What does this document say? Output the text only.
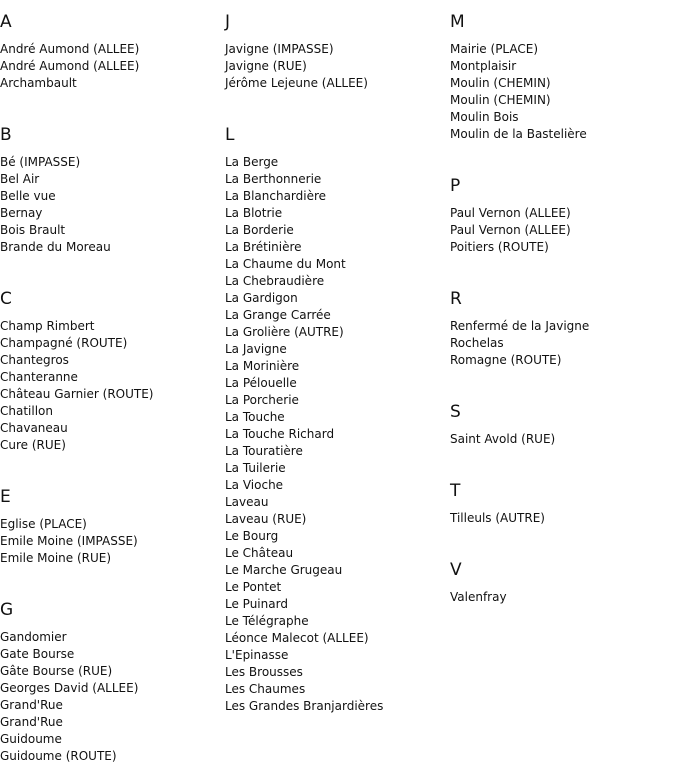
A
André Aumond (ALLEE)
André Aumond (ALLEE)
Archambault
B
Bé (IMPASSE)
Bel Air
Belle vue
Bernay
Bois Brault
Brande du Moreau
C
Champ Rimbert
Champagné (ROUTE)
Chantegros
Chanteranne
Château Garnier (ROUTE)
Chatillon
Chavaneau
Cure (RUE)
E
Eglise (PLACE)
Emile Moine (IMPASSE)
Emile Moine (RUE)
G
Gandomier
Gate Bourse
Gâte Bourse (RUE)
Georges David (ALLEE)
Grand'Rue
Grand'Rue
Guidoume
Guidoume (ROUTE)
J
Javigne (IMPASSE)
Javigne (RUE)
Jérôme Lejeune (ALLEE)
L
La Berge
La Berthonnerie
La Blanchardière
La Blotrie
La Borderie
La Brétinière
La Chaume du Mont
La Chebraudière
La Gardigon
La Grange Carrée
La Grolière (AUTRE)
La Javigne
La Morinière
La Pélouelle
La Porcherie
La Touche
La Touche Richard
La Touratière
La Tuilerie
La Vioche
Laveau
Laveau (RUE)
Le Bourg
Le Château
Le Marche Grugeau
Le Pontet
Le Puinard
Le Télégraphe
Léonce Malecot (ALLEE)
L'Epinasse
Les Brousses
Les Chaumes
Les Grandes Branjardières
M
Mairie (PLACE)
Montplaisir
Moulin (CHEMIN)
Moulin (CHEMIN)
Moulin Bois
Moulin de la Bastelière
P
Paul Vernon (ALLEE)
Paul Vernon (ALLEE)
Poitiers (ROUTE)
R
Renfermé de la Javigne
Rochelas
Romagne (ROUTE)
S
Saint Avold (RUE)
T
Tilleuls (AUTRE)
V
Valenfray
